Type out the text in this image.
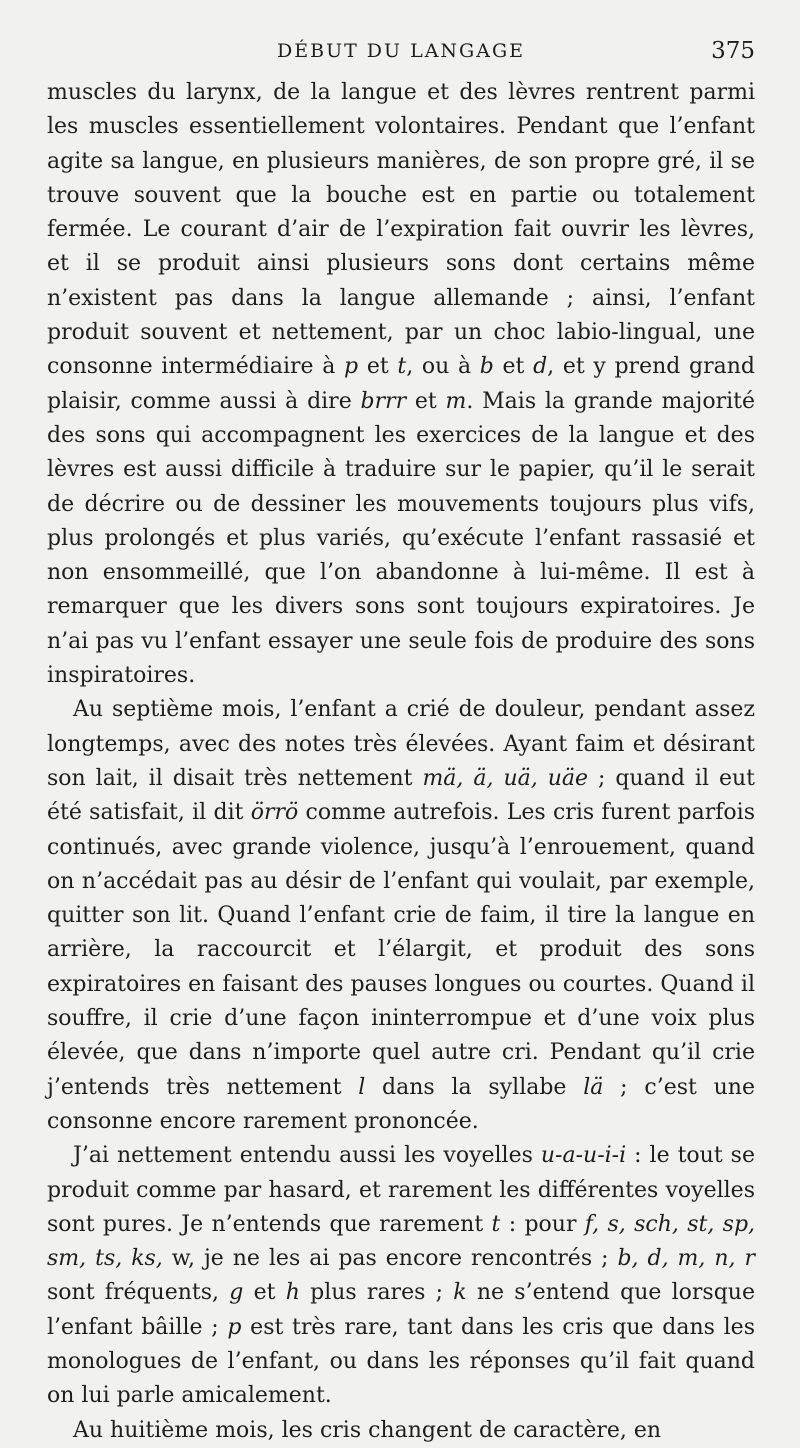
DÉBUT DU LANGAGE	375

muscles du larynx, de la langue et des lèvres rentrent parmi les muscles essentiellement volontaires. Pendant que l’enfant agite sa langue, en plusieurs manières, de son propre gré, il se trouve souvent que la bouche est en partie ou totalement fermée. Le courant d’air de l’expiration fait ouvrir les lèvres, et il se produit ainsi plusieurs sons dont certains même n’existent pas dans la langue allemande ; ainsi, l’enfant produit souvent et nettement, par un choc labio-lingual, une consonne intermédiaire à p et t, ou à b et d, et y prend grand plaisir, comme aussi à dire brrr et m. Mais la grande majorité des sons qui accompagnent les exercices de la langue et des lèvres est aussi difficile à traduire sur le papier, qu’il le serait de décrire ou de dessiner les mouvements toujours plus vifs, plus prolongés et plus variés, qu’exécute l’enfant rassasié et non ensommeillé, que l’on abandonne à lui-même. Il est à remarquer que les divers sons sont toujours expiratoires. Je n’ai pas vu l’enfant essayer une seule fois de produire des sons inspiratoires.

Au septième mois, l’enfant a crié de douleur, pendant assez longtemps, avec des notes très élevées. Ayant faim et désirant son lait, il disait très nettement mä, ä, uä, uäe ; quand il eut été satisfait, il dit örrö comme autrefois. Les cris furent parfois continués, avec grande violence, jusqu’à l’enrouement, quand on n’accédait pas au désir de l’enfant qui voulait, par exemple, quitter son lit. Quand l’enfant crie de faim, il tire la langue en arrière, la raccourcit et l’élargit, et produit des sons expiratoires en faisant des pauses longues ou courtes. Quand il souffre, il crie d’une façon ininterrompue et d’une voix plus élevée, que dans n’importe quel autre cri. Pendant qu’il crie j’entends très nettement l dans la syllabe lä ; c’est une consonne encore rarement prononcée.

J’ai nettement entendu aussi les voyelles u-a-u-i-i : le tout se produit comme par hasard, et rarement les différentes voyelles sont pures. Je n’entends que rarement t : pour f, s, sch, st, sp, sm, ts, ks, w, je ne les ai pas encore rencontrés ; b, d, m, n, r sont fréquents, g et h plus rares ; k ne s’entend que lorsque l’enfant bâille ; p est très rare, tant dans les cris que dans les monologues de l’enfant, ou dans les réponses qu’il fait quand on lui parle amicalement.

Au huitième mois, les cris changent de caractère, en
